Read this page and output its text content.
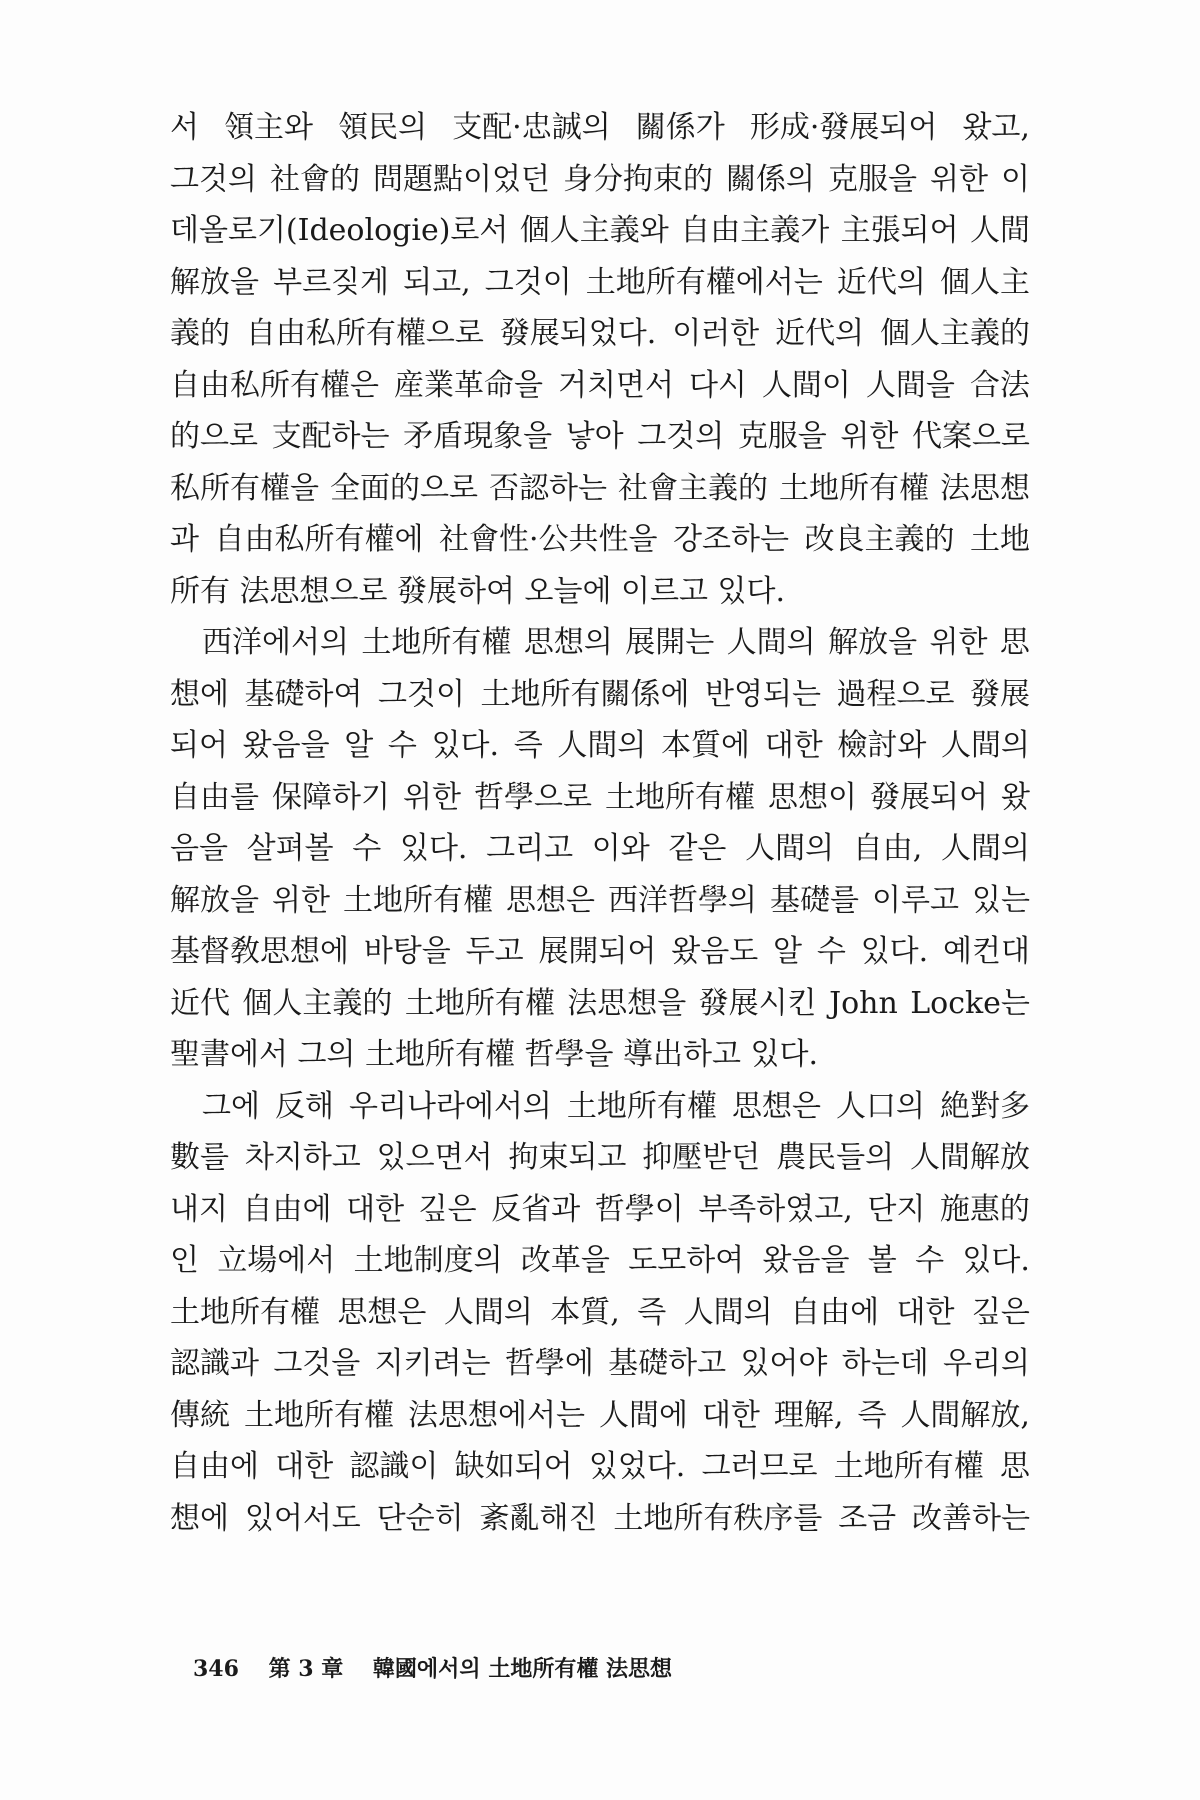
서 領主와 領民의 支配·忠誠의 關係가 形成·發展되어 왔고,
그것의 社會的 問題點이었던 身分拘束的 關係의 克服을 위한 이
데올로기(Ideologie)로서 個人主義와 自由主義가 主張되어 人間
解放을 부르짖게 되고, 그것이 土地所有權에서는 近代의 個人主
義的 自由私所有權으로 發展되었다. 이러한 近代의 個人主義的
自由私所有權은 産業革命을 거치면서 다시 人間이 人間을 合法
的으로 支配하는 矛盾現象을 낳아 그것의 克服을 위한 代案으로
私所有權을 全面的으로 否認하는 社會主義的 土地所有權 法思想
과 自由私所有權에 社會性·公共性을 강조하는 改良主義的 土地
所有 法思想으로 發展하여 오늘에 이르고 있다.
西洋에서의 土地所有權 思想의 展開는 人間의 解放을 위한 思
想에 基礎하여 그것이 土地所有關係에 반영되는 過程으로 發展
되어 왔음을 알 수 있다. 즉 人間의 本質에 대한 檢討와 人間의
自由를 保障하기 위한 哲學으로 土地所有權 思想이 發展되어 왔
음을 살펴볼 수 있다. 그리고 이와 같은 人間의 自由, 人間의
解放을 위한 土地所有權 思想은 西洋哲學의 基礎를 이루고 있는
基督敎思想에 바탕을 두고 展開되어 왔음도 알 수 있다. 예컨대
近代 個人主義的 土地所有權 法思想을 發展시킨 John Locke는
聖書에서 그의 土地所有權 哲學을 導出하고 있다.
그에 反해 우리나라에서의 土地所有權 思想은 人口의 絶對多
數를 차지하고 있으면서 拘束되고 抑壓받던 農民들의 人間解放
내지 自由에 대한 깊은 反省과 哲學이 부족하였고, 단지 施惠的
인 立場에서 土地制度의 改革을 도모하여 왔음을 볼 수 있다.
土地所有權 思想은 人間의 本質, 즉 人間의 自由에 대한 깊은
認識과 그것을 지키려는 哲學에 基礎하고 있어야 하는데 우리의
傳統 土地所有權 法思想에서는 人間에 대한 理解, 즉 人間解放,
自由에 대한 認識이 缺如되어 있었다. 그러므로 土地所有權 思
想에 있어서도 단순히 紊亂해진 土地所有秩序를 조금 改善하는
346 第 3 章 韓國에서의 土地所有權 法思想
